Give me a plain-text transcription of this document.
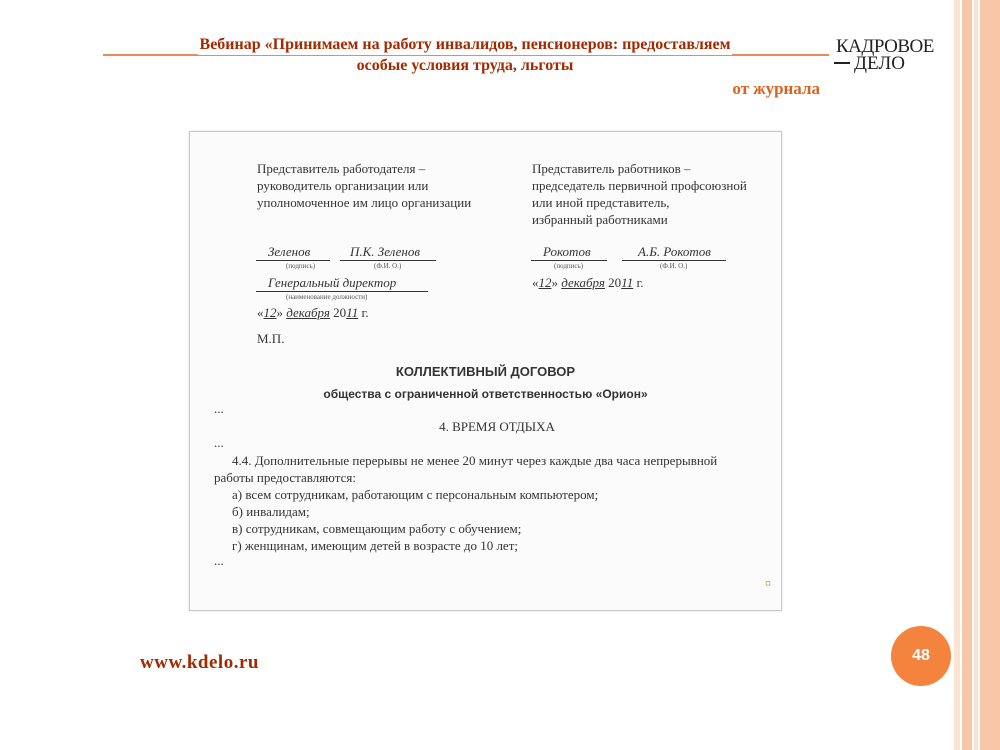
Вебинар «Принимаем на работу инвалидов, пенсионеров: предоставляем
особые условия труда, льготы
КАДРОВОЕ
ДЕЛО
от журнала
Представитель работодателя –
руководитель организации или
уполномоченное им лицо организации
Зеленов	П.К. Зеленов
(подпись)	(Ф.И. О.)
Генеральный директор
(наименование должности)
«12» декабря 2011 г.
М.П.
Представитель работников –
председатель первичной профсоюзной
или иной представитель,
избранный работниками
Рокотов	А.Б. Рокотов
(подпись)	(Ф.И. О.)
«12» декабря 2011 г.
КОЛЛЕКТИВНЫЙ ДОГОВОР
общества с ограниченной ответственностью «Орион»
...
4. ВРЕМЯ ОТДЫХА
...
4.4. Дополнительные перерывы не менее 20 минут через каждые два часа непрерывной
работы предоставляются:
а) всем сотрудникам, работающим с персональным компьютером;
б) инвалидам;
в) сотрудникам, совмещающим работу с обучением;
г) женщинам, имеющим детей в возрасте до 10 лет;
...
¤
www.kdelo.ru	48
